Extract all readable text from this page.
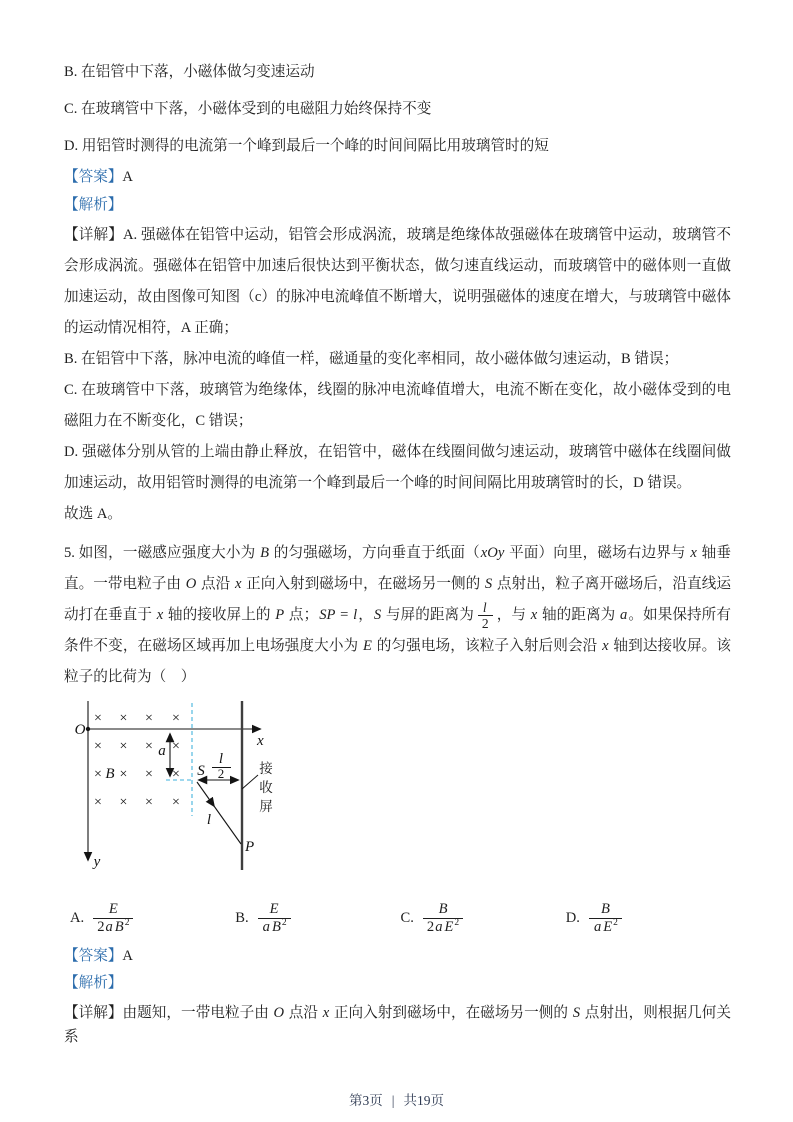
B. 在铝管中下落，小磁体做匀变速运动

C. 在玻璃管中下落，小磁体受到的电磁阻力始终保持不变

D. 用铝管时测得的电流第一个峰到最后一个峰的时间间隔比用玻璃管时的短

【答案】A

【解析】

【详解】A. 强磁体在铝管中运动，铝管会形成涡流，玻璃是绝缘体故强磁体在玻璃管中运动，玻璃管不会形成涡流。强磁体在铝管中加速后很快达到平衡状态，做匀速直线运动，而玻璃管中的磁体则一直做加速运动，故由图像可知图（c）的脉冲电流峰值不断增大，说明强磁体的速度在增大，与玻璃管中磁体的运动情况相符，A 正确；

B. 在铝管中下落，脉冲电流的峰值一样，磁通量的变化率相同，故小磁体做匀速运动，B 错误；

C. 在玻璃管中下落，玻璃管为绝缘体，线圈的脉冲电流峰值增大，电流不断在变化，故小磁体受到的电磁阻力在不断变化，C 错误；

D. 强磁体分别从管的上端由静止释放，在铝管中，磁体在线圈间做匀速运动，玻璃管中磁体在线圈间做加速运动，故用铝管时测得的电流第一个峰到最后一个峰的时间间隔比用玻璃管时的长，D 错误。

故选 A。

5. 如图，一磁感应强度大小为 B 的匀强磁场，方向垂直于纸面（xOy 平面）向里，磁场右边界与 x 轴垂直。一带电粒子由 O 点沿 x 正向入射到磁场中，在磁场另一侧的 S 点射出，粒子离开磁场后，沿直线运动打在垂直于 x 轴的接收屏上的 P 点；SP = l，S 与屏的距离为 $\frac{l}{2}$ ，与 x 轴的距离为 a。如果保持所有条件不变，在磁场区域再加上电场强度大小为 E 的匀强电场，该粒子入射后则会沿 x 轴到达接收屏。该粒子的比荷为（　）

× × × ×
× × × ×
× × × ×
× × × ×
l
2
O
x
y
B
a
S
l
P
接
收
屏
A. $\frac{E}{2a B^2}$	B. $\frac{E}{a B^2}$	C. $\frac{B}{2a E^2}$	D. $\frac{B}{a E^2}$

【答案】A

【解析】

【详解】由题知，一带电粒子由 O 点沿 x 正向入射到磁场中，在磁场另一侧的 S 点射出，则根据几何关系

第3页 | 共19页
